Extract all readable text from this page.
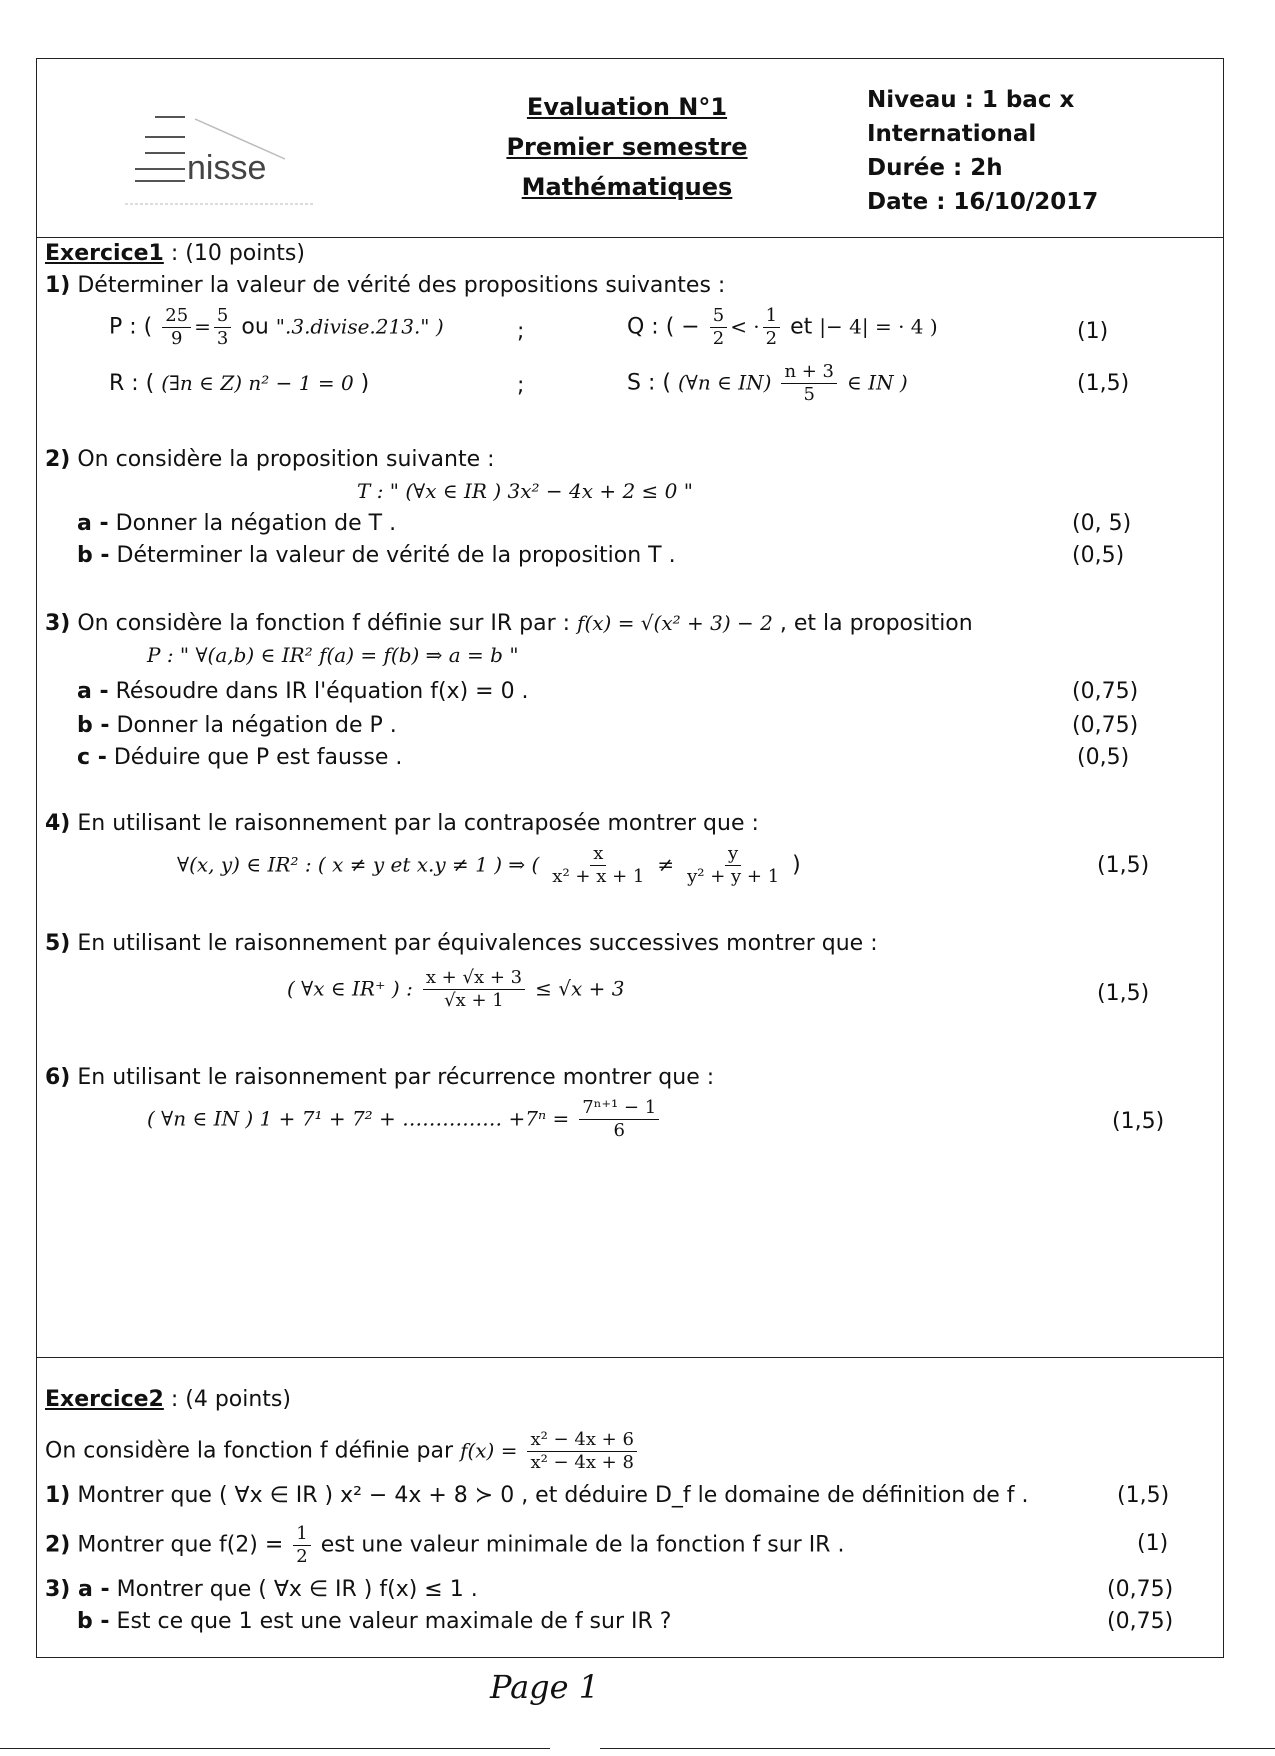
nisse
Evaluation N°1
Premier semestre
Mathématiques
Niveau : 1 bac x
International
Durée : 2h
Date : 16/10/2017
Exercice1 : (10 points)
1) Déterminer la valeur de vérité des propositions suivantes :
P : ( $\frac{25}{9} = \frac{5}{3}$ ou ".3.divise.213." )	;	Q : ( − $\frac{5}{2}$ < · $\frac{1}{2}$ et |− 4| = · 4 )	(1)
R : ( (∃n ∈ Z) n² − 1 = 0 )	;	S : ( (∀n ∈ $IN) \frac{n + 3}{5}$ ∈ IN )	(1,5)
2) On considère la proposition suivante :
T : " (∀x ∈ IR ) 3x² − 4x + 2 ≤ 0 "
a - Donner la négation de T .	(0, 5)
b - Déterminer la valeur de vérité de la proposition T .	(0,5)
3) On considère la fonction f définie sur IR par : f(x) = √(x² + 3) − 2 , et la proposition
P : " ∀(a,b) ∈ IR² f(a) = f(b) ⇒ a = b "
a - Résoudre dans IR l'équation f(x) = 0 .	(0,75)
b - Donner la négation de P .	(0,75)
c - Déduire que P est fausse .	(0,5)
4) En utilisant le raisonnement par la contraposée montrer que :
∀(x, y) ∈ IR² : ( x ≠ y et x.y ≠ 1 ) ⇒ ( $\frac{x}{\text{x² + x + 1}} \ne \frac{y}{\text{y² + y + 1}}$ )	(1,5)
5) En utilisant le raisonnement par équivalences successives montrer que :
( ∀x ∈ IR⁺ ) : $\frac{x + √x + 3}{√x + 1} \le √x + 3$	(1,5)
6) En utilisant le raisonnement par récurrence montrer que :
( ∀n ∈ IN ) 1 + 7¹ + 7² + …………… $+7^n = \frac{\text{7ⁿ⁺¹ − 1}}{6}$	(1,5)
Exercice2 : (4 points)
On considère la fonction f définie par $f(x) = \frac{\text{x² − 4x + 6}}{\text{x² − 4x + 8}}$
1) Montrer que ( ∀x ∈ IR ) x² − 4x + 8 ≻ 0 , et déduire D_f le domaine de définition de f .	(1,5)
2) Montrer que $f(2) = \frac{1}{2}$ est une valeur minimale de la fonction f sur IR .	(1)
3) a - Montrer que ( ∀x ∈ IR ) f(x) ≤ 1 .	(0,75)
b - Est ce que 1 est une valeur maximale de f sur IR ?	(0,75)
Page 1
